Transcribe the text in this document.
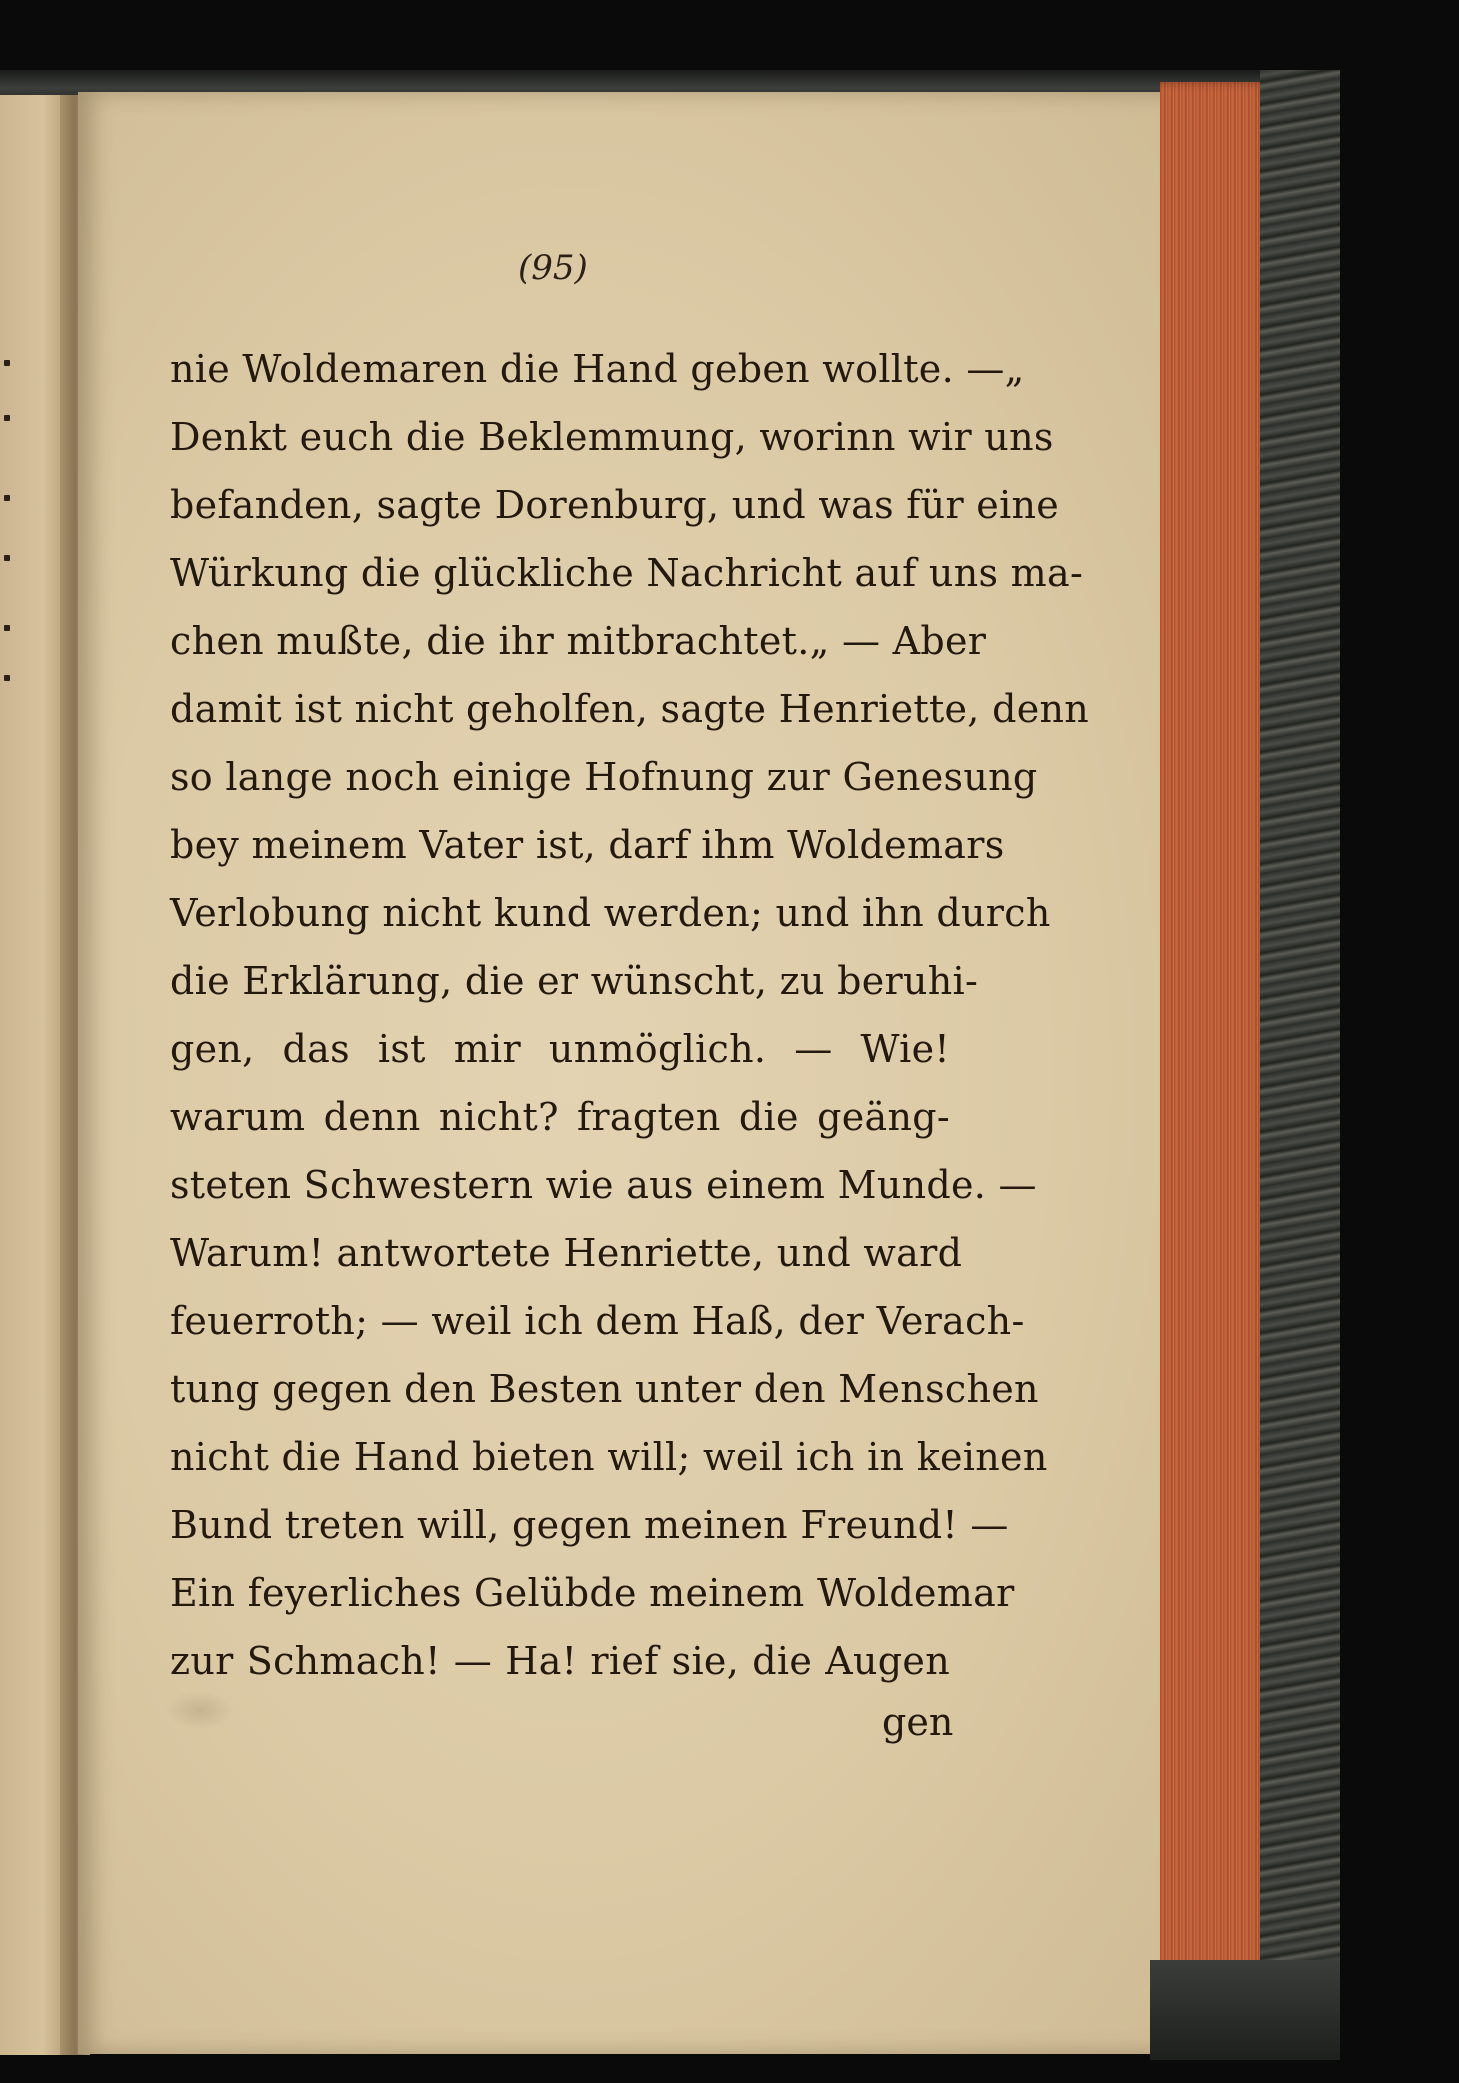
(95)
nie Woldemaren die Hand geben wollte. —„
Denkt euch die Beklemmung, worinn wir uns
befanden, sagte Dorenburg, und was für eine
Würkung die glückliche Nachricht auf uns ma-
chen mußte, die ihr mitbrachtet.„ — Aber
damit ist nicht geholfen, sagte Henriette, denn
so lange noch einige Hofnung zur Genesung
bey meinem Vater ist, darf ihm Woldemars
Verlobung nicht kund werden; und ihn durch
die Erklärung, die er wünscht, zu beruhi-
gen, das ist mir unmöglich. — Wie!
warum denn nicht? fragten die geäng-
steten Schwestern wie aus einem Munde. —
Warum! antwortete Henriette, und ward
feuerroth; — weil ich dem Haß, der Verach-
tung gegen den Besten unter den Menschen
nicht die Hand bieten will; weil ich in keinen
Bund treten will, gegen meinen Freund! —
Ein feyerliches Gelübde meinem Woldemar
zur Schmach! — Ha! rief sie, die Augen
gen
